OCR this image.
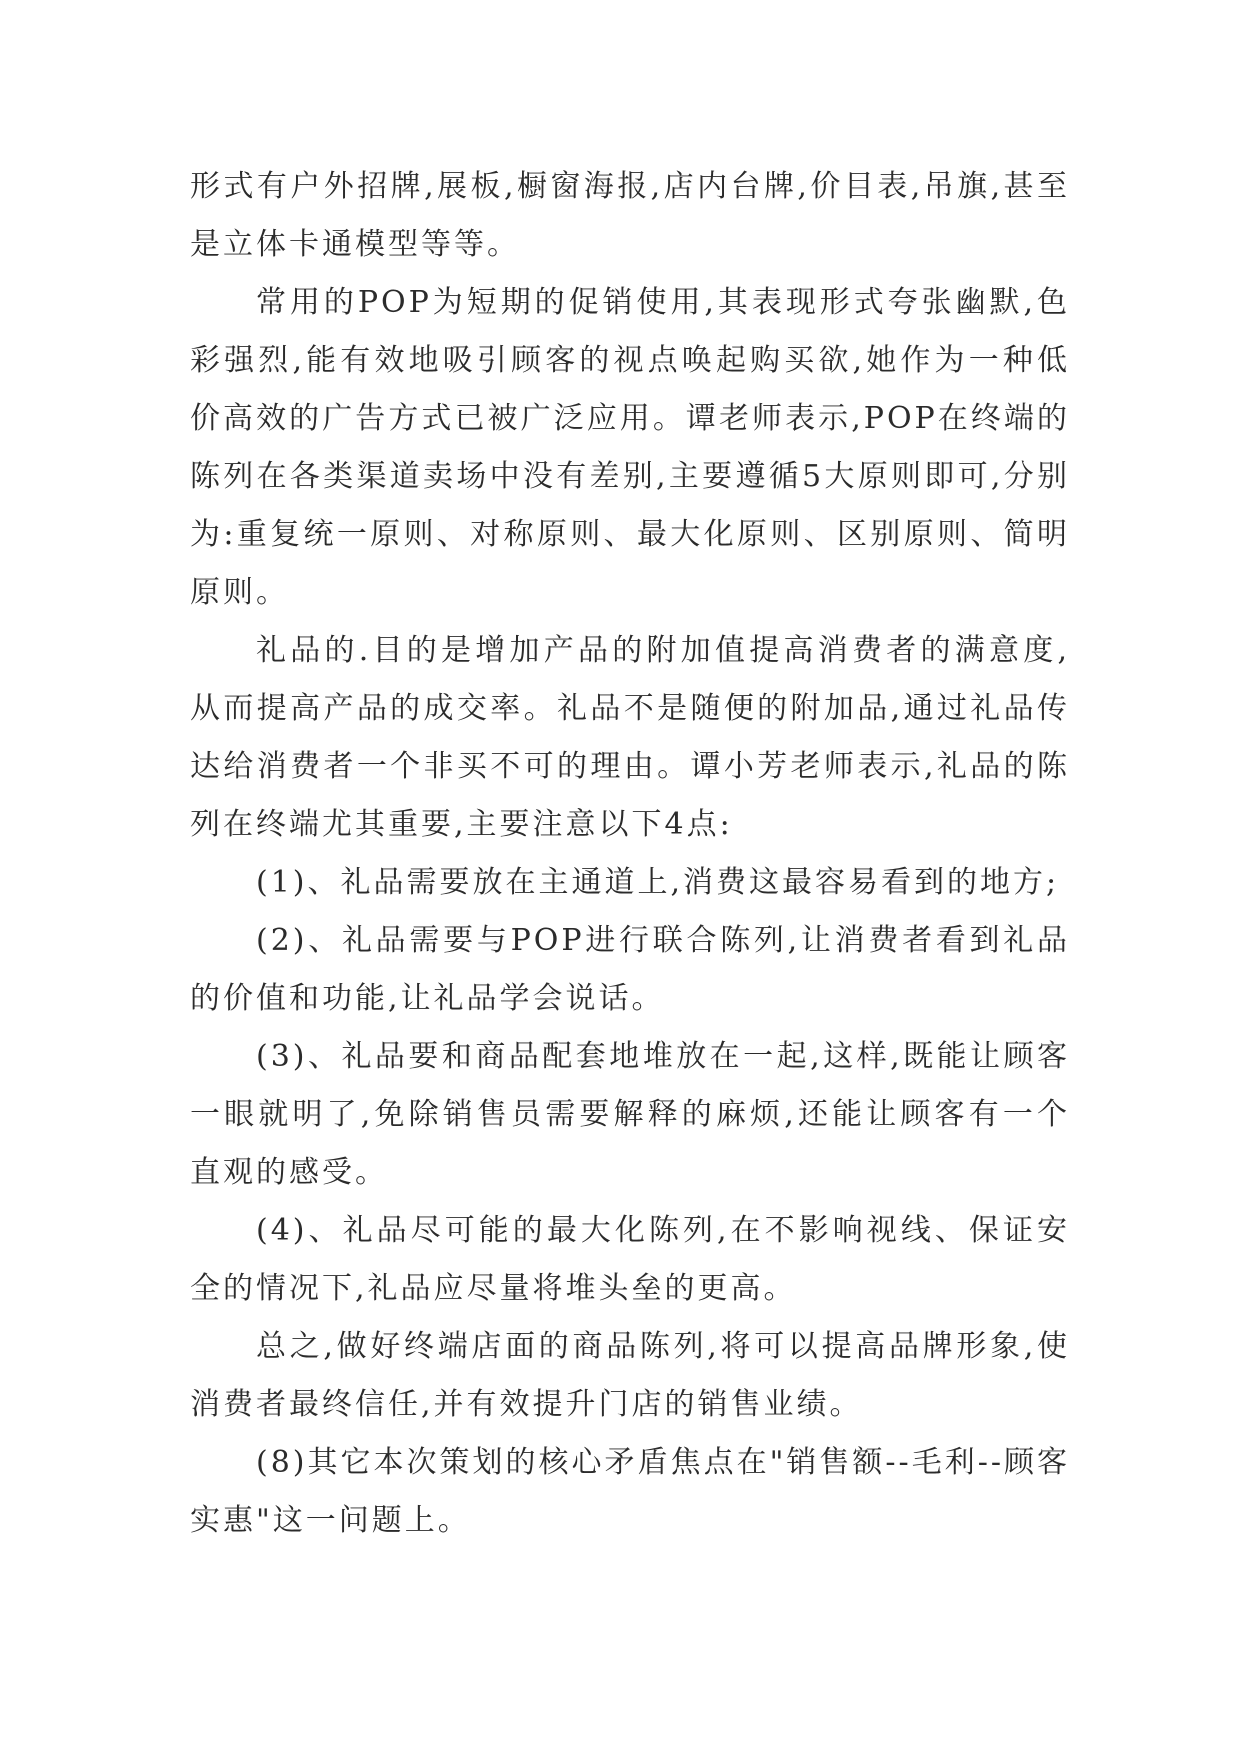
形式有户外招牌,展板,橱窗海报,店内台牌,价目表,吊旗,甚至是立体卡通模型等等。

常用的POP为短期的促销使用,其表现形式夸张幽默,色彩强烈,能有效地吸引顾客的视点唤起购买欲,她作为一种低价高效的广告方式已被广泛应用。谭老师表示,POP在终端的陈列在各类渠道卖场中没有差别,主要遵循5大原则即可,分别为:重复统一原则、对称原则、最大化原则、区别原则、简明原则。

礼品的.目的是增加产品的附加值提高消费者的满意度,从而提高产品的成交率。礼品不是随便的附加品,通过礼品传达给消费者一个非买不可的理由。谭小芳老师表示,礼品的陈列在终端尤其重要,主要注意以下4点:

(1)、礼品需要放在主通道上,消费这最容易看到的地方;

(2)、礼品需要与POP进行联合陈列,让消费者看到礼品的价值和功能,让礼品学会说话。

(3)、礼品要和商品配套地堆放在一起,这样,既能让顾客一眼就明了,免除销售员需要解释的麻烦,还能让顾客有一个直观的感受。

(4)、礼品尽可能的最大化陈列,在不影响视线、保证安全的情况下,礼品应尽量将堆头垒的更高。

总之,做好终端店面的商品陈列,将可以提高品牌形象,使消费者最终信任,并有效提升门店的销售业绩。

(8)其它本次策划的核心矛盾焦点在"销售额--毛利--顾客实惠"这一问题上。
